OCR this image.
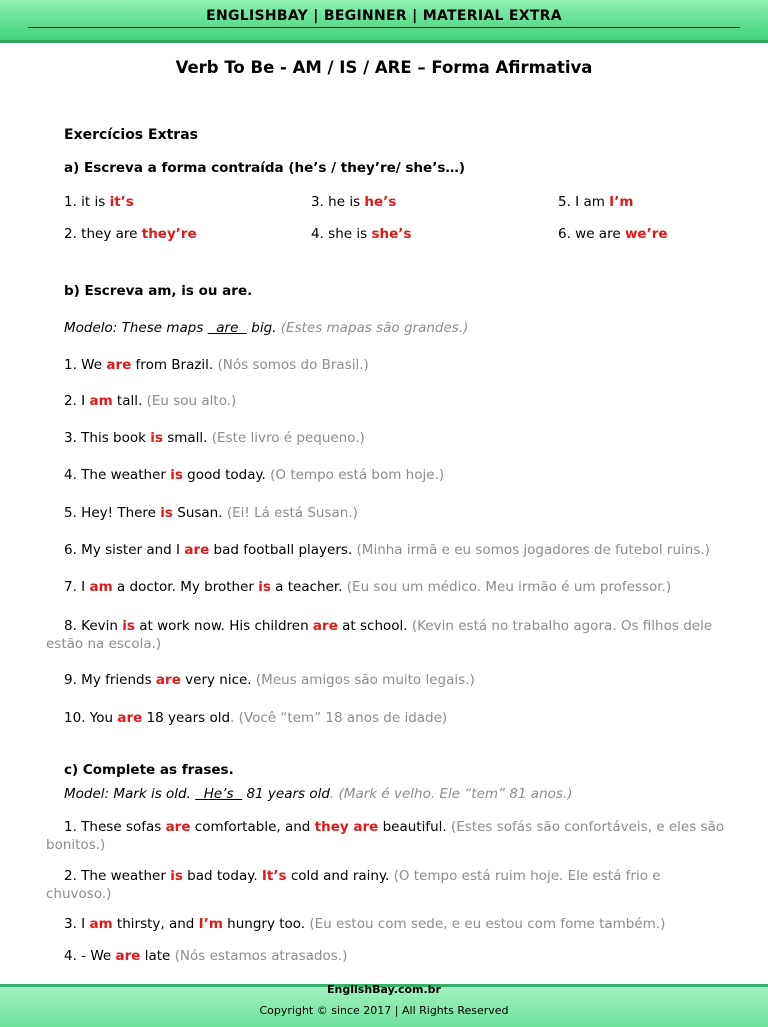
ENGLISHBAY | BEGINNER | MATERIAL EXTRA
Verb To Be - AM / IS / ARE – Forma Afirmativa
Exercícios Extras
a) Escreva a forma contraída (he’s / they’re/ she’s…)
1. it is it’s	3. he is he’s	5. I am I’m
2. they are they’re	4. she is she’s	6. we are we’re
b) Escreva am, is ou are.
Modelo: These maps   are   big. (Estes mapas são grandes.)
1. We are from Brazil. (Nós somos do Brasil.)
2. I am tall. (Eu sou alto.)
3. This book is small. (Este livro é pequeno.)
4. The weather is good today. (O tempo está bom hoje.)
5. Hey! There is Susan. (Ei! Lá está Susan.)
6. My sister and I are bad football players. (Minha irmã e eu somos jogadores de futebol ruins.)
7. I am a doctor. My brother is a teacher. (Eu sou um médico. Meu irmão é um professor.)
8. Kevin is at work now. His children are at school. (Kevin está no trabalho agora. Os filhos dele estão na escola.)
9. My friends are very nice. (Meus amigos são muito legais.)
10. You are 18 years old. (Você “tem” 18 anos de idade)
c) Complete as frases.
Model: Mark is old.   He’s   81 years old. (Mark é velho. Ele “tem” 81 anos.)
1. These sofas are comfortable, and they are beautiful. (Estes sofás são confortáveis, e eles são bonitos.)
2. The weather is bad today. It’s cold and rainy. (O tempo está ruim hoje. Ele está frio e chuvoso.)
3. I am thirsty, and I’m hungry too. (Eu estou com sede, e eu estou com fome também.)
4. - We are late (Nós estamos atrasados.)
EnglishBay.com.br
Copyright © since 2017 | All Rights Reserved
